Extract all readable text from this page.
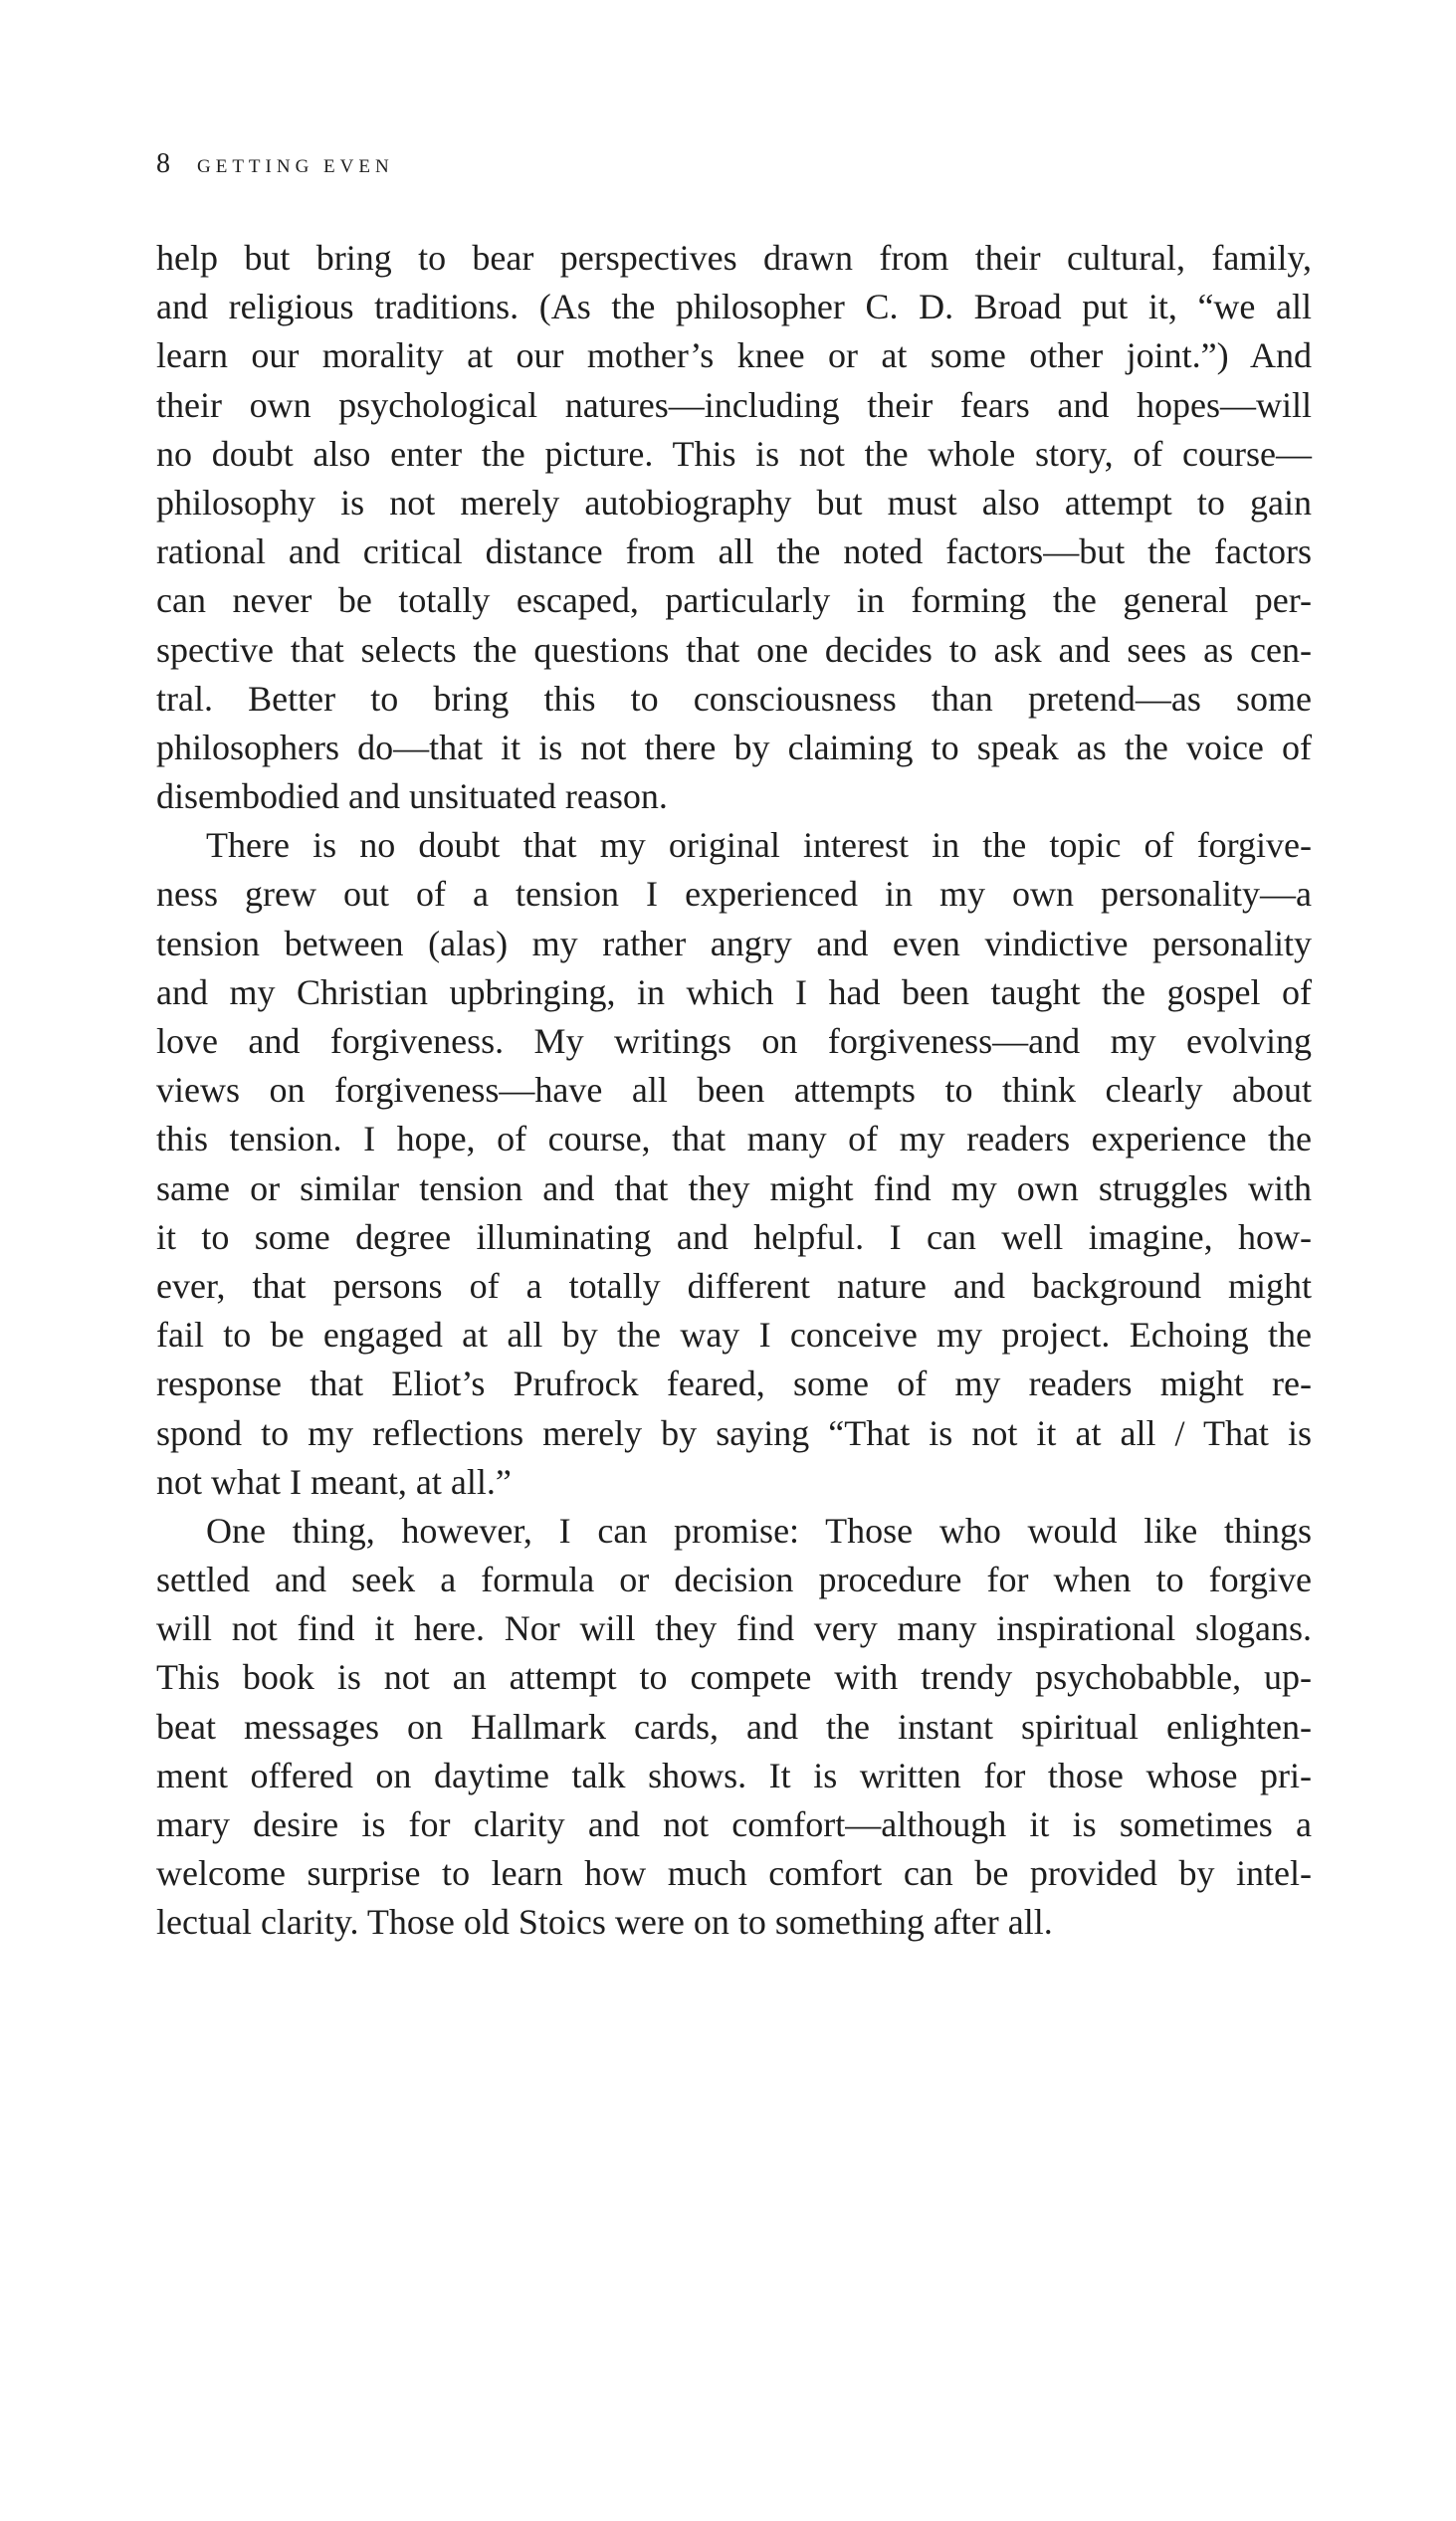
8 GETTING EVEN
help but bring to bear perspectives drawn from their cultural, family,
and religious traditions. (As the philosopher C. D. Broad put it, “we all
learn our morality at our mother’s knee or at some other joint.”) And
their own psychological natures—including their fears and hopes—will
no doubt also enter the picture. This is not the whole story, of course—
philosophy is not merely autobiography but must also attempt to gain
rational and critical distance from all the noted factors—but the factors
can never be totally escaped, particularly in forming the general per-
spective that selects the questions that one decides to ask and sees as cen-
tral. Better to bring this to consciousness than pretend—as some
philosophers do—that it is not there by claiming to speak as the voice of
disembodied and unsituated reason.
There is no doubt that my original interest in the topic of forgive-
ness grew out of a tension I experienced in my own personality—a
tension between (alas) my rather angry and even vindictive personality
and my Christian upbringing, in which I had been taught the gospel of
love and forgiveness. My writings on forgiveness—and my evolving
views on forgiveness—have all been attempts to think clearly about
this tension. I hope, of course, that many of my readers experience the
same or similar tension and that they might find my own struggles with
it to some degree illuminating and helpful. I can well imagine, how-
ever, that persons of a totally different nature and background might
fail to be engaged at all by the way I conceive my project. Echoing the
response that Eliot’s Prufrock feared, some of my readers might re-
spond to my reflections merely by saying “That is not it at all / That is
not what I meant, at all.”
One thing, however, I can promise: Those who would like things
settled and seek a formula or decision procedure for when to forgive
will not find it here. Nor will they find very many inspirational slogans.
This book is not an attempt to compete with trendy psychobabble, up-
beat messages on Hallmark cards, and the instant spiritual enlighten-
ment offered on daytime talk shows. It is written for those whose pri-
mary desire is for clarity and not comfort—although it is sometimes a
welcome surprise to learn how much comfort can be provided by intel-
lectual clarity. Those old Stoics were on to something after all.
